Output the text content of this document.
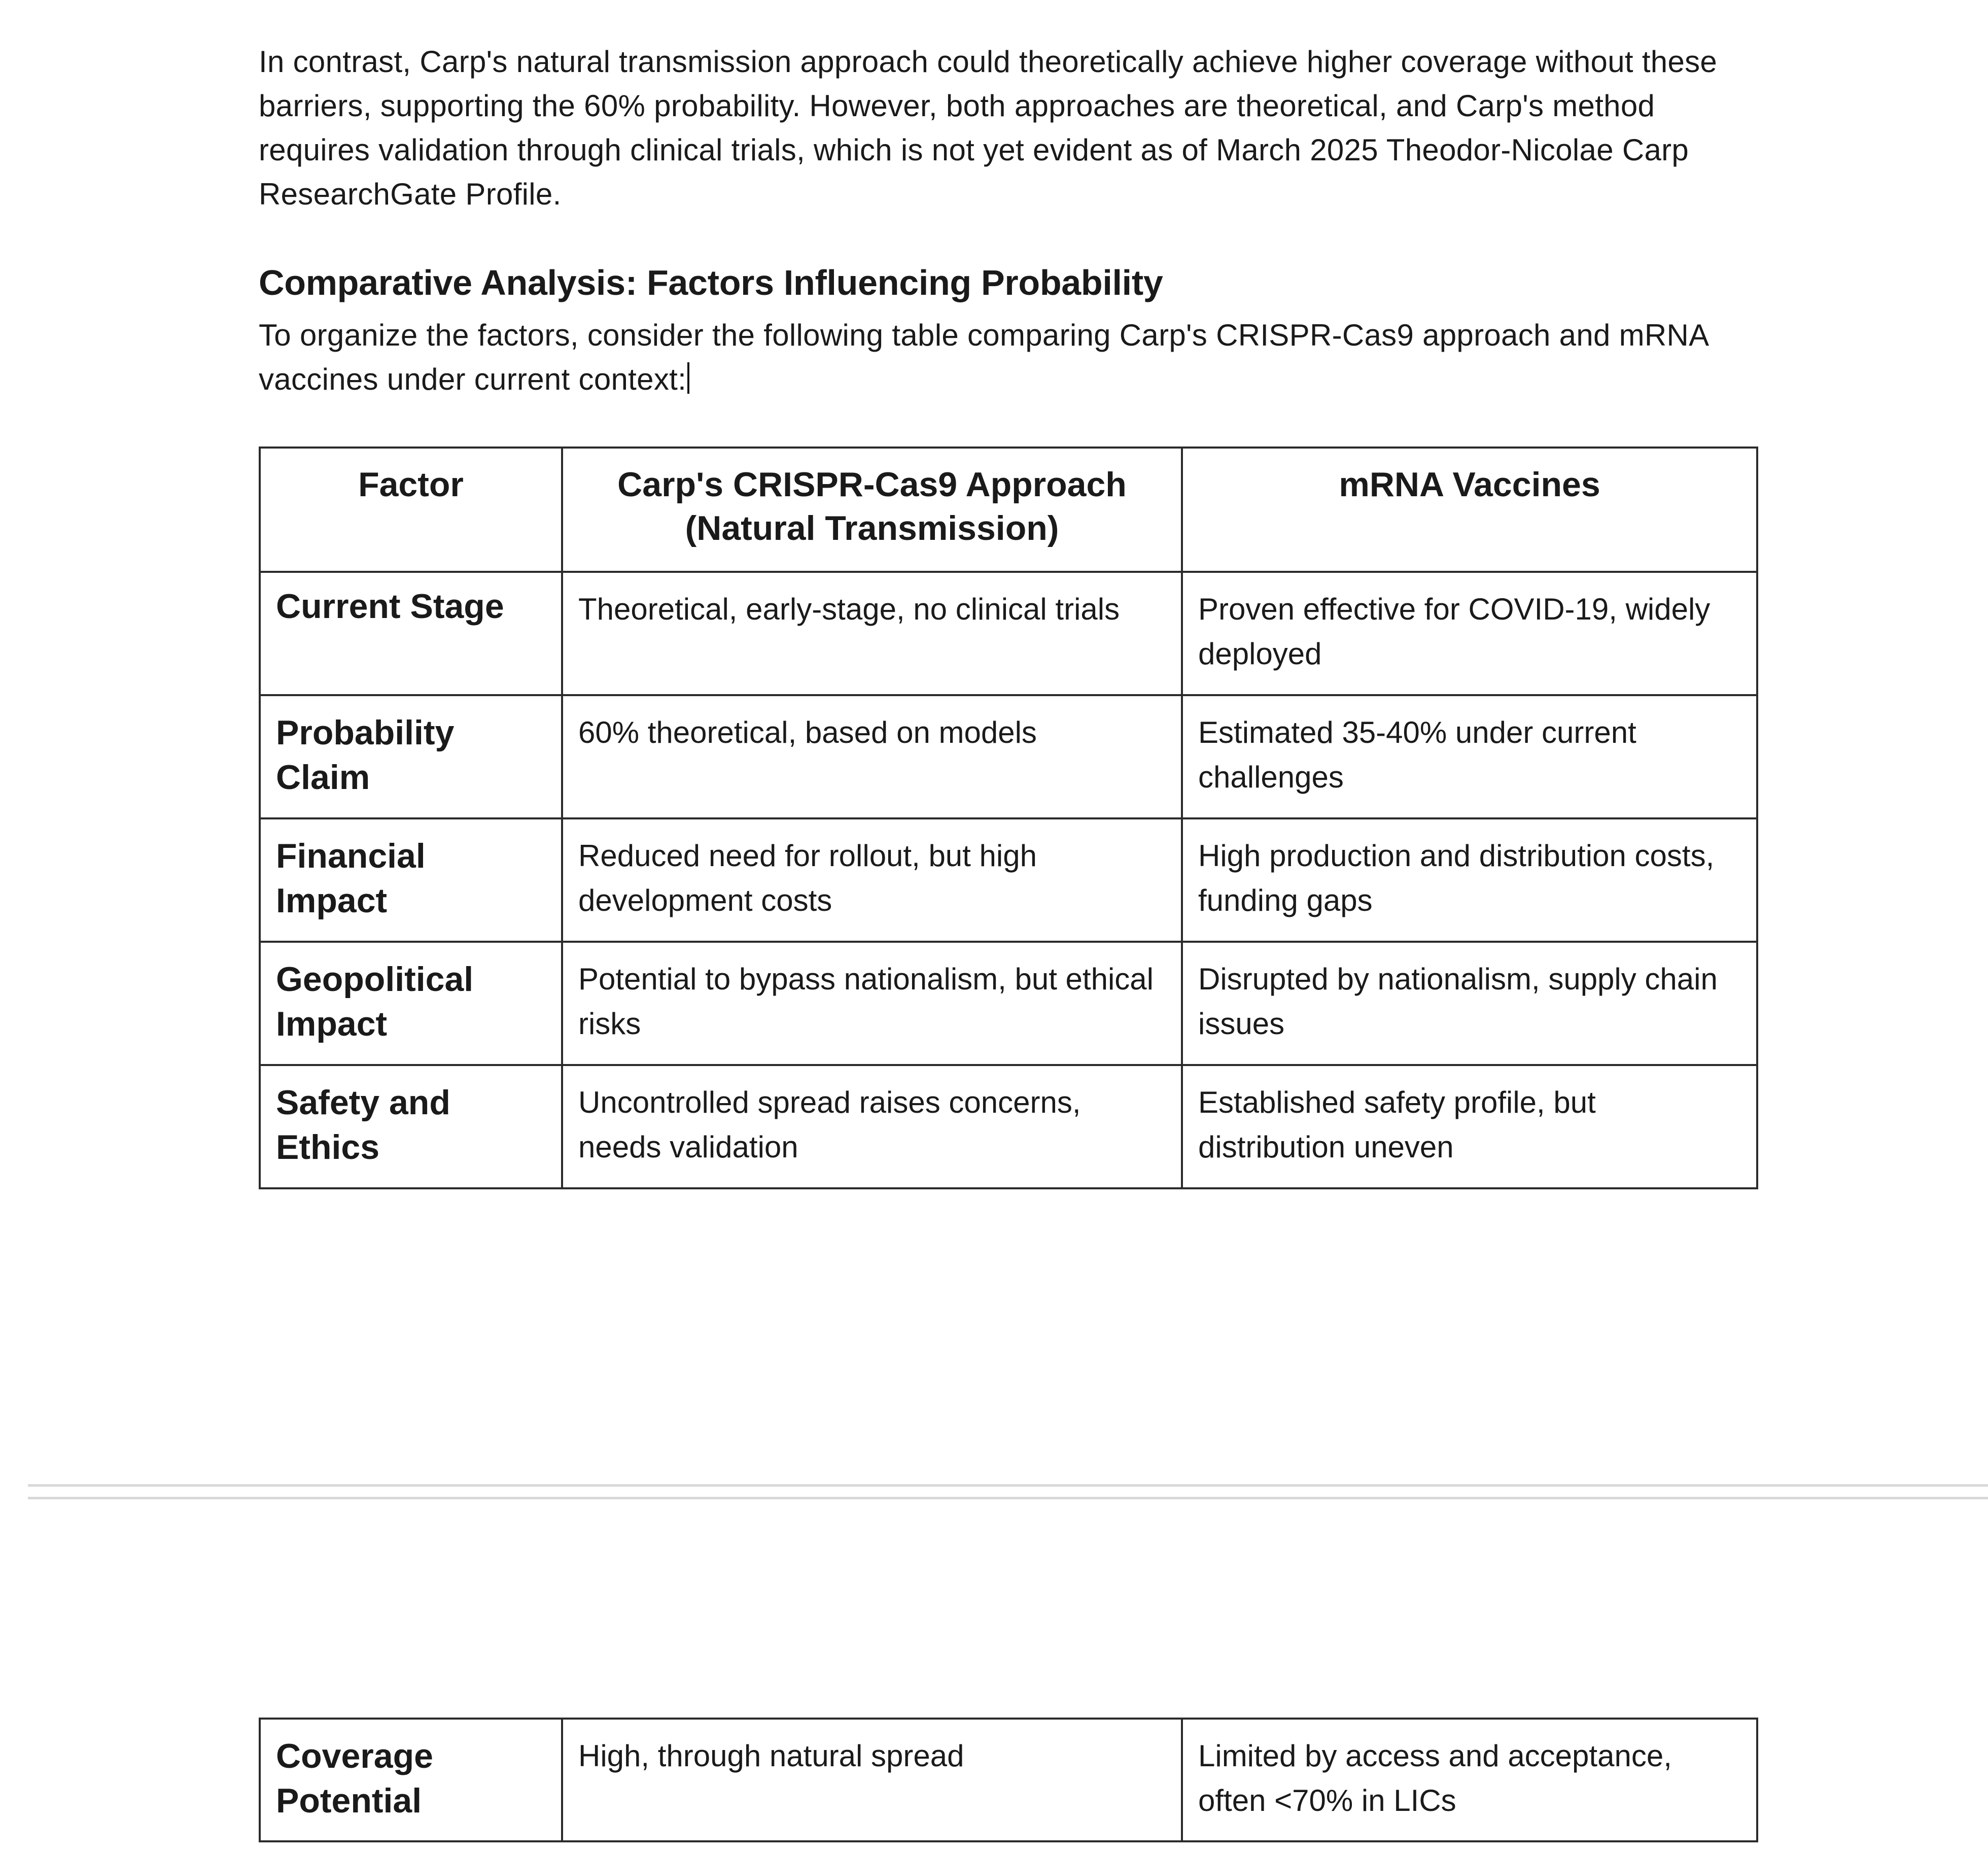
In contrast, Carp's natural transmission approach could theoretically achieve higher coverage without these barriers, supporting the 60% probability. However, both approaches are theoretical, and Carp's method requires validation through clinical trials, which is not yet evident as of March 2025 Theodor-Nicolae Carp ResearchGate Profile.

Comparative Analysis: Factors Influencing Probability

To organize the factors, consider the following table comparing Carp's CRISPR-Cas9 approach and mRNA vaccines under current context:

Factor	Carp's CRISPR-Cas9 Approach (Natural Transmission)	mRNA Vaccines
Current Stage	Theoretical, early-stage, no clinical trials	Proven effective for COVID-19, widely deployed
Probability Claim	60% theoretical, based on models	Estimated 35-40% under current challenges
Financial Impact	Reduced need for rollout, but high development costs	High production and distribution costs, funding gaps
Geopolitical Impact	Potential to bypass nationalism, but ethical risks	Disrupted by nationalism, supply chain issues
Safety and Ethics	Uncontrolled spread raises concerns, needs validation	Established safety profile, but distribution uneven
Coverage Potential	High, through natural spread	Limited by access and acceptance, often <70% in LICs
